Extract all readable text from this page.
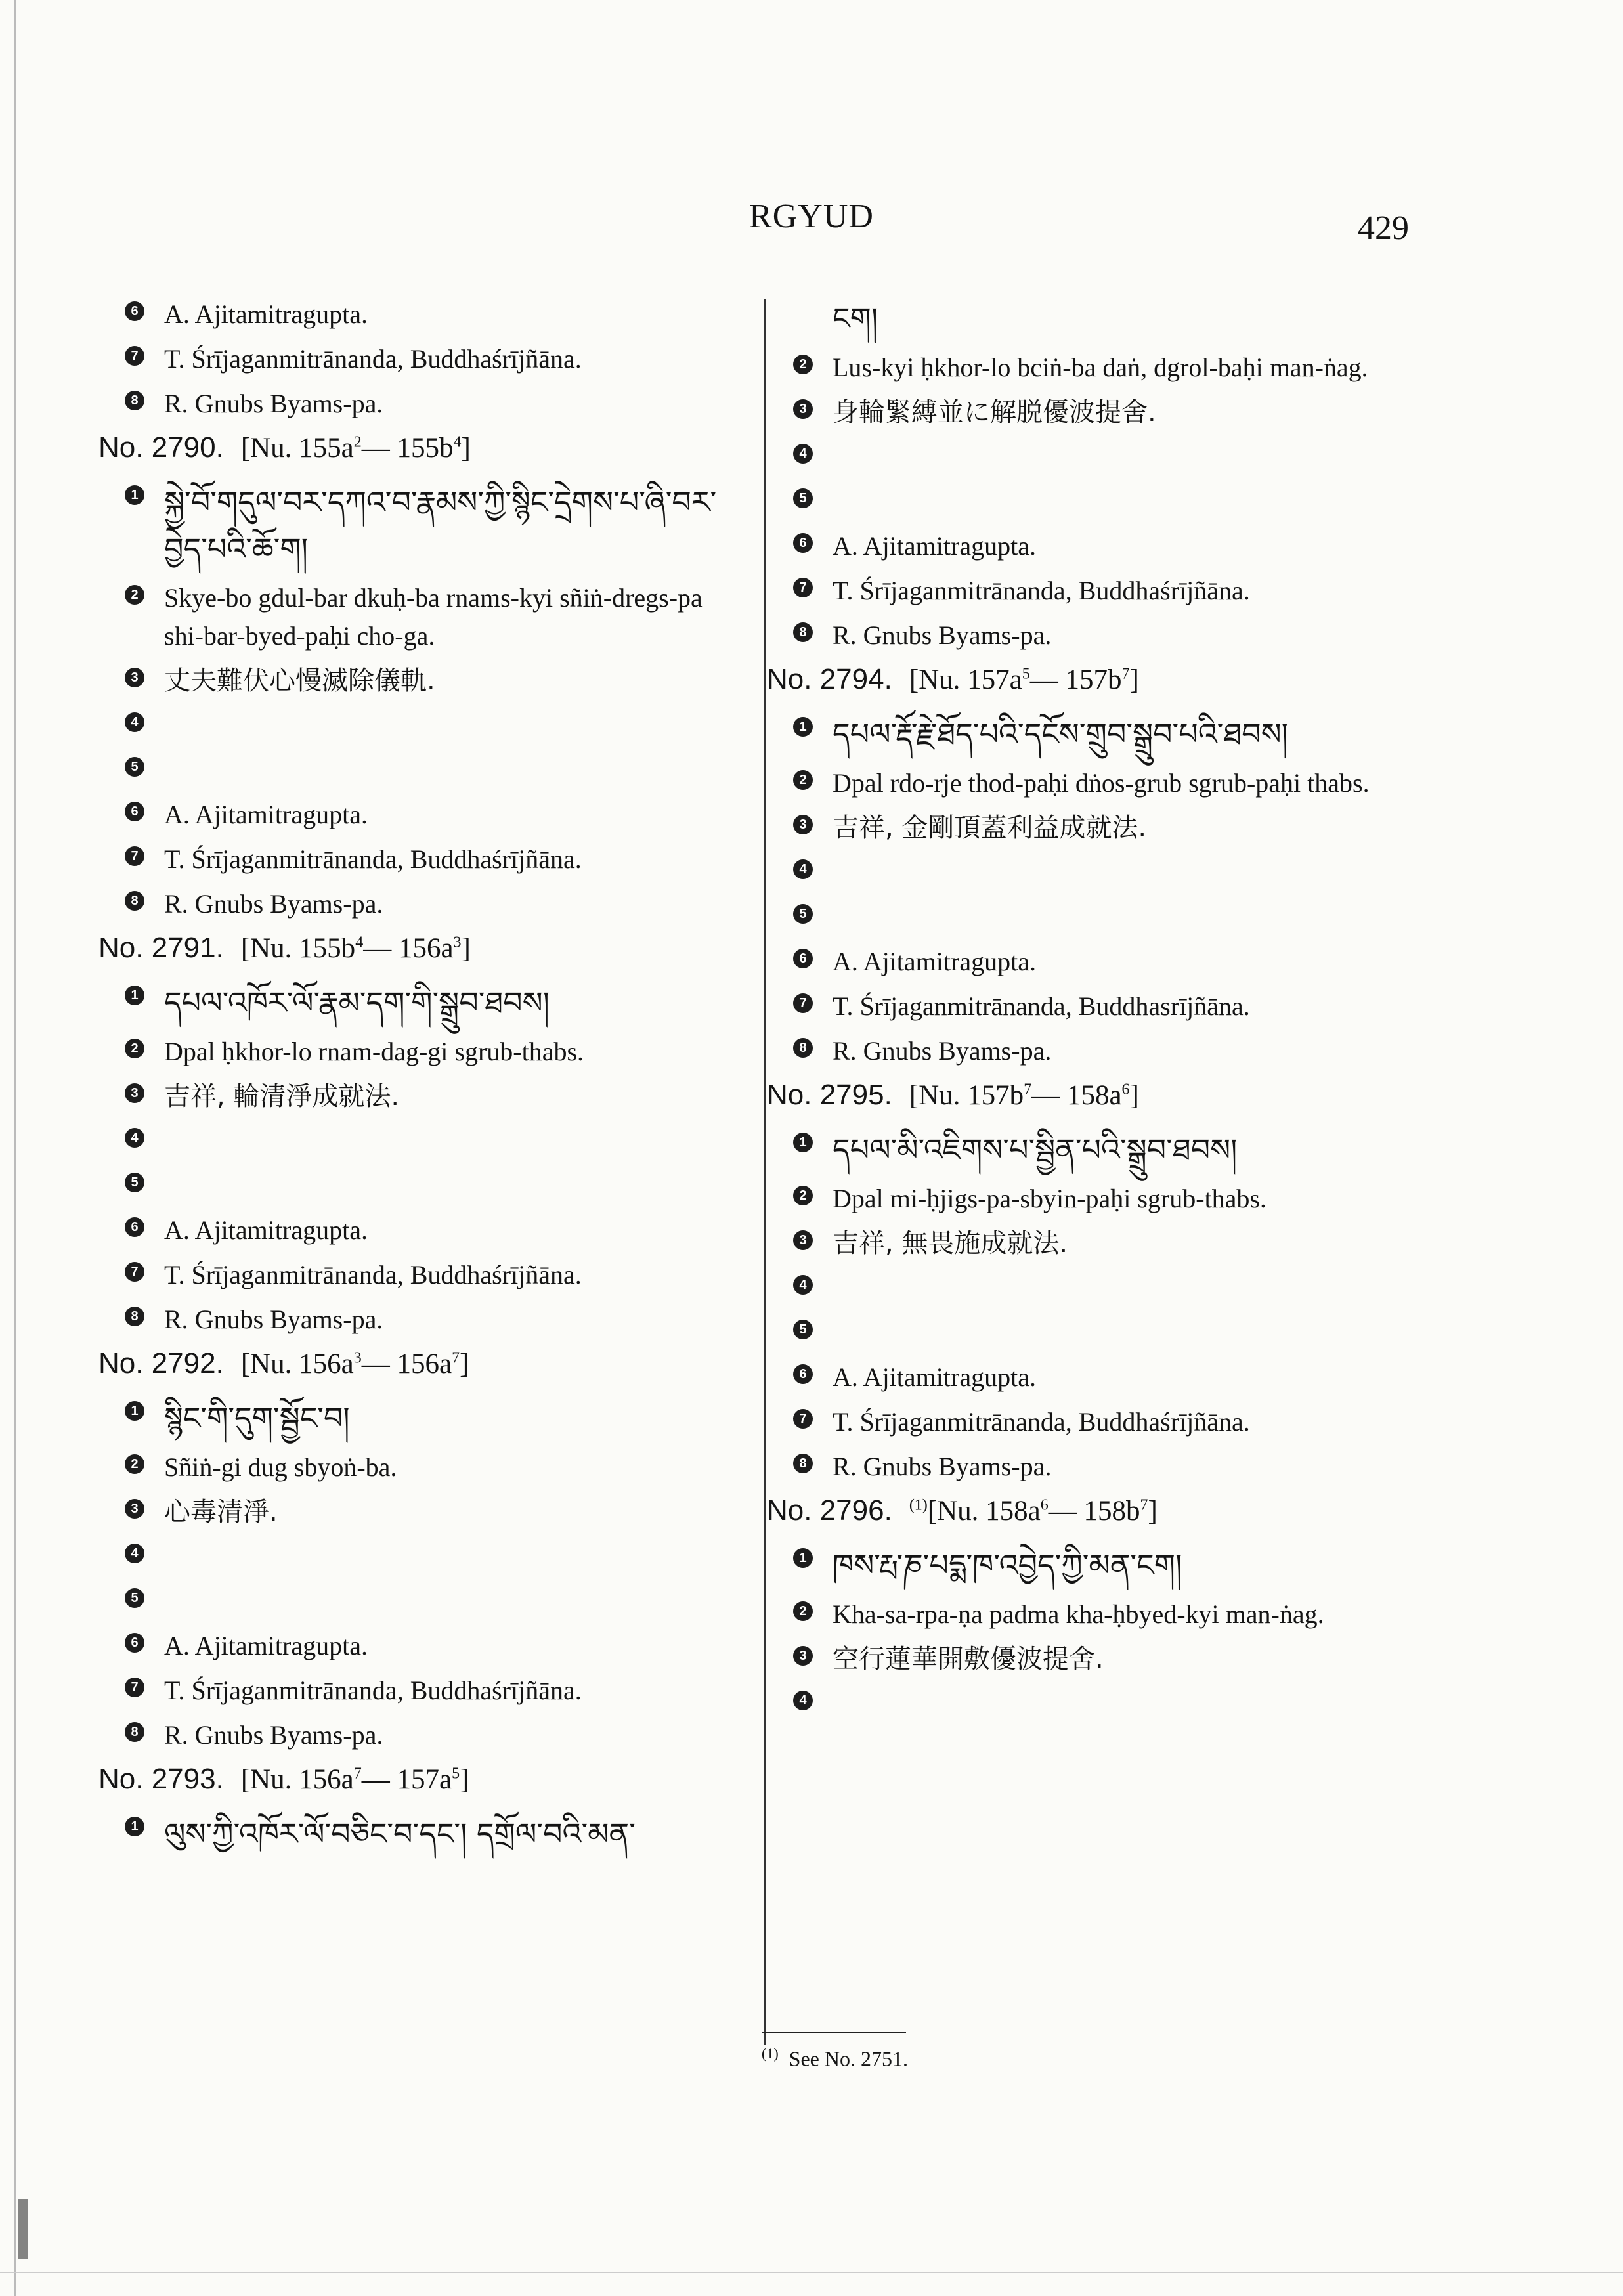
RGYUD	429
6 A. Ajitamitragupta.
7 T. Śrījaganmitrānanda, Buddhaśrījñāna.
8 R. Gnubs Byams-pa.
No. 2790. [Nu. $155a^2—$ $155b^4$]
1 སྐྱེ་བོ་གདུལ་བར་དཀའ་བ་རྣམས་ཀྱི་སྙིང་དྲེགས་པ་ཞི་བར་བྱེད་པའི་ཆོ་ག།
2 Skye-bo gdul-bar dkuḥ-ba rnams-kyi sñiṅ-dregs-pa shi-bar-byed-paḥi cho-ga.
3 丈夫難伏心慢滅除儀軌.
4
5
6 A. Ajitamitragupta.
7 T. Śrījaganmitrānanda, Buddhaśrījñāna.
8 R. Gnubs Byams-pa.
No. 2791. [Nu. $155b^4—$ $156a^3$]
1 དཔལ་འཁོར་ལོ་རྣམ་དག་གི་སྒྲུབ་ཐབས།
2 Dpal ḥkhor-lo rnam-dag-gi sgrub-thabs.
3 吉祥, 輪清淨成就法.
4
5
6 A. Ajitamitragupta.
7 T. Śrījaganmitrānanda, Buddhaśrījñāna.
8 R. Gnubs Byams-pa.
No. 2792. [Nu. $156a^3—$ $156a^7$]
1 སྙིང་གི་དུག་སྦྱོང་བ།
2 Sñiṅ-gi dug sbyoṅ-ba.
3 心毒清淨.
4
5
6 A. Ajitamitragupta.
7 T. Śrījaganmitrānanda, Buddhaśrījñāna.
8 R. Gnubs Byams-pa.
No. 2793. [Nu. $156a^7—$ $157a^5$]
1 ལུས་ཀྱི་འཁོར་ལོ་བཅིང་བ་དང་། དགྲོལ་བའི་མན་
ངག།
2 Lus-kyi ḥkhor-lo bciṅ-ba daṅ, dgrol-baḥi man-ṅag.
3 身輪緊縛並に解脱優波提舍.
4
5
6 A. Ajitamitragupta.
7 T. Śrījaganmitrānanda, Buddhaśrījñāna.
8 R. Gnubs Byams-pa.
No. 2794. [Nu. $157a^5—$ $157b^7$]
1 དཔལ་རྡོ་རྗེ་ཐོད་པའི་དངོས་གྲུབ་སྒྲུབ་པའི་ཐབས།
2 Dpal rdo-rje thod-paḥi dṅos-grub sgrub-paḥi thabs.
3 吉祥, 金剛頂蓋利益成就法.
4
5
6 A. Ajitamitragupta.
7 T. Śrījaganmitrānanda, Buddhasrījñāna.
8 R. Gnubs Byams-pa.
No. 2795. [Nu. $157b^7—$ $158a^6$]
1 དཔལ་མི་འཇིགས་པ་སྦྱིན་པའི་སྒྲུབ་ཐབས།
2 Dpal mi-ḥjigs-pa-sbyin-paḥi sgrub-thabs.
3 吉祥, 無畏施成就法.
4
5
6 A. Ajitamitragupta.
7 T. Śrījaganmitrānanda, Buddhaśrījñāna.
8 R. Gnubs Byams-pa.
No. 2796. $^{(1)}$[Nu. $158a^6—$ $158b^7$]
1 ཁས་རྤ་ཎ་པདྨ་ཁ་འབྱེད་ཀྱི་མན་ངག།
2 Kha-sa-rpa-ṇa padma kha-ḥbyed-kyi man-ṅag.
3 空行蓮華開敷優波提舍.
4
$^{(1)}$ See No. 2751.
